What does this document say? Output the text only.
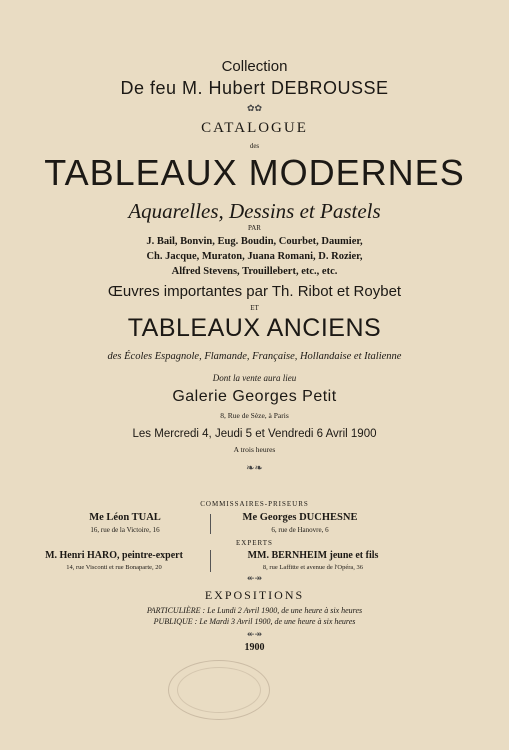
Collection
De feu M. Hubert DEBROUSSE
✿✿
CATALOGUE
des
TABLEAUX MODERNES
Aquarelles, Dessins et Pastels
PAR
J. Bail, Bonvin, Eug. Boudin, Courbet, Daumier,
Ch. Jacque, Muraton, Juana Romani, D. Rozier,
Alfred Stevens, Trouillebert, etc., etc.
Œuvres importantes par Th. Ribot et Roybet
ET
TABLEAUX ANCIENS
des Écoles Espagnole, Flamande, Française, Hollandaise et Italienne
Dont la vente aura lieu
Galerie Georges Petit
8, Rue de Sèze, à Paris
Les Mercredi 4, Jeudi 5 et Vendredi 6 Avril 1900
A trois heures
❧❧
COMMISSAIRES-PRISEURS
Me Léon TUAL
16, rue de la Victoire, 16
Me Georges DUCHESNE
6, rue de Hanovre, 6
EXPERTS
M. Henri HARO, peintre-expert
14, rue Visconti et rue Bonaparte, 20
MM. BERNHEIM jeune et fils
8, rue Laffitte et avenue de l'Opéra, 36
↞↠
EXPOSITIONS
PARTICULIÈRE : Le Lundi 2 Avril 1900, de une heure à six heures
PUBLIQUE : Le Mardi 3 Avril 1900, de une heure à six heures
↞↠
1900
